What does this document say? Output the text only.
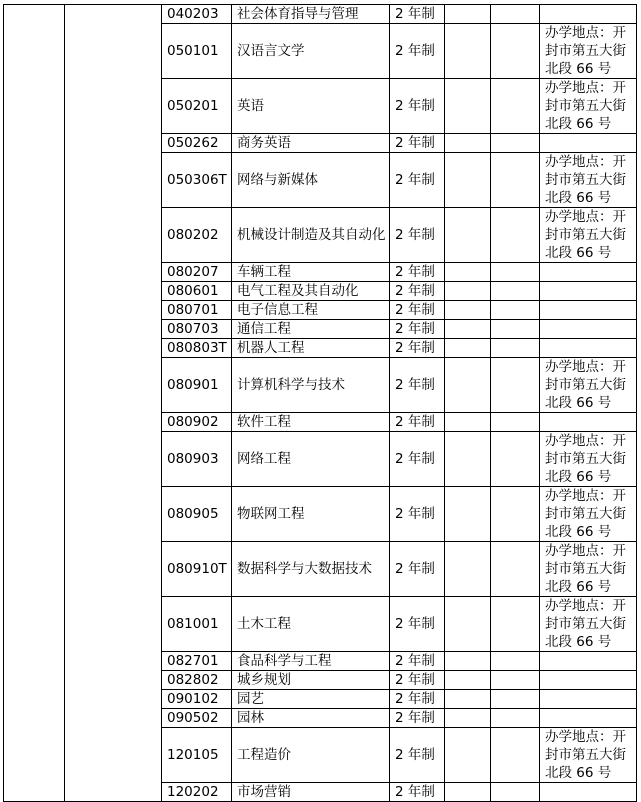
		040203	社会体育指导与管理	2 年制			
		050101	汉语言文学	2 年制			办学地点：开封市第五大街北段 66 号
		050201	英语	2 年制			办学地点：开封市第五大街北段 66 号
		050262	商务英语	2 年制			
		050306T	网络与新媒体	2 年制			办学地点：开封市第五大街北段 66 号
		080202	机械设计制造及其自动化	2 年制			办学地点：开封市第五大街北段 66 号
		080207	车辆工程	2 年制			
		080601	电气工程及其自动化	2 年制			
		080701	电子信息工程	2 年制			
		080703	通信工程	2 年制			
		080803T	机器人工程	2 年制			
		080901	计算机科学与技术	2 年制			办学地点：开封市第五大街北段 66 号
		080902	软件工程	2 年制			
		080903	网络工程	2 年制			办学地点：开封市第五大街北段 66 号
		080905	物联网工程	2 年制			办学地点：开封市第五大街北段 66 号
		080910T	数据科学与大数据技术	2 年制			办学地点：开封市第五大街北段 66 号
		081001	土木工程	2 年制			办学地点：开封市第五大街北段 66 号
		082701	食品科学与工程	2 年制			
		082802	城乡规划	2 年制			
		090102	园艺	2 年制			
		090502	园林	2 年制			
		120105	工程造价	2 年制			办学地点：开封市第五大街北段 66 号
		120202	市场营销	2 年制			
